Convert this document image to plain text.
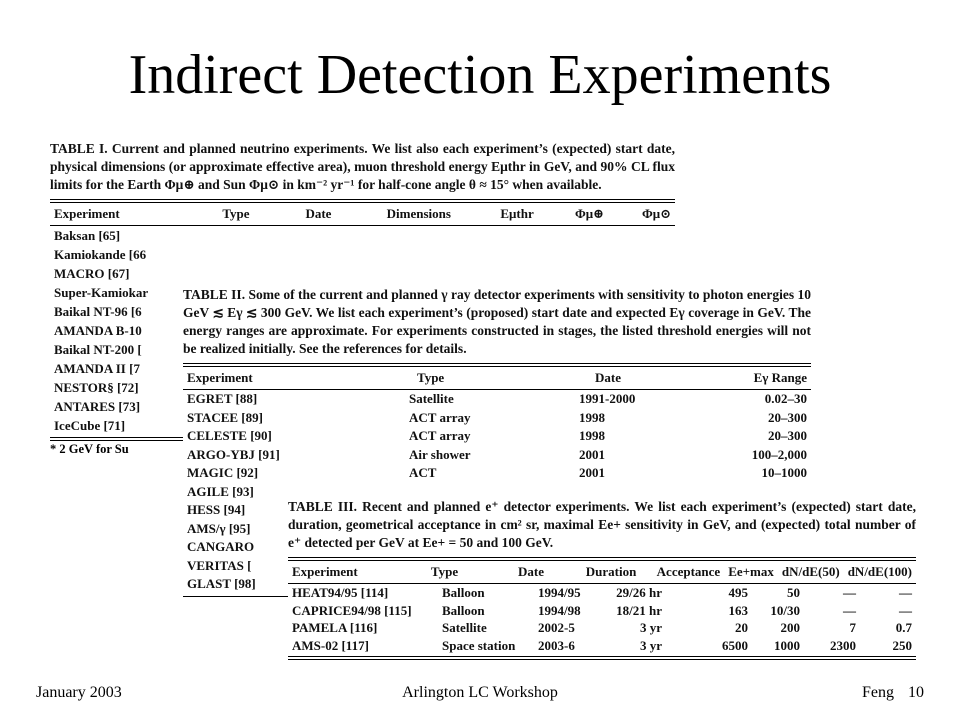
Indirect Detection Experiments

TABLE I. Current and planned neutrino experiments. We list also each experiment’s (expected) start date, physical dimensions (or approximate effective area), muon threshold energy Eμthr in GeV, and 90% CL flux limits for the Earth Φμ⊕ and Sun Φμ⊙ in km⁻² yr⁻¹ for half-cone angle θ ≈ 15° when available.

Experiment	Type	Date	Dimensions	Eμthr	Φμ⊕	Φμ⊙
Baksan [65]
Kamiokande [66
MACRO [67]
Super-Kamiokar
Baikal NT-96 [6
AMANDA B-10
Baikal NT-200 [
AMANDA II [7
NESTOR§ [72]
ANTARES [73]
IceCube [71]
* 2 GeV for Su

TABLE II. Some of the current and planned γ ray detector experiments with sensitivity to photon energies 10 GeV ≲ Eγ ≲ 300 GeV. We list each experiment’s (proposed) start date and expected Eγ coverage in GeV. The energy ranges are approximate. For experiments constructed in stages, the listed threshold energies will not be realized initially. See the references for details.

Experiment	Type	Date	Eγ Range
EGRET [88]	Satellite	1991-2000	0.02–30
STACEE [89]	ACT array	1998	20–300
CELESTE [90]	ACT array	1998	20–300
ARGO-YBJ [91]	Air shower	2001	100–2,000
MAGIC [92]	ACT	2001	10–1000
AGILE [93]			
HESS [94]			
AMS/γ [95]			
CANGARO			
VERITAS [			
GLAST [98]			

TABLE III. Recent and planned e⁺ detector experiments. We list each experiment’s (expected) start date, duration, geometrical acceptance in cm² sr, maximal Ee+ sensitivity in GeV, and (expected) total number of e⁺ detected per GeV at Ee+ = 50 and 100 GeV.

Experiment	Type	Date	Duration	Acceptance	Ee+max	dN/dE(50)	dN/dE(100)
HEAT94/95 [114]	Balloon	1994/95	29/26 hr	495	50	—	—
CAPRICE94/98 [115]	Balloon	1994/98	18/21 hr	163	10/30	—	—
PAMELA [116]	Satellite	2002-5	3 yr	20	200	7	0.7
AMS-02 [117]	Space station	2003-6	3 yr	6500	1000	2300	250
January 2003	Arlington LC Workshop	Feng 10
